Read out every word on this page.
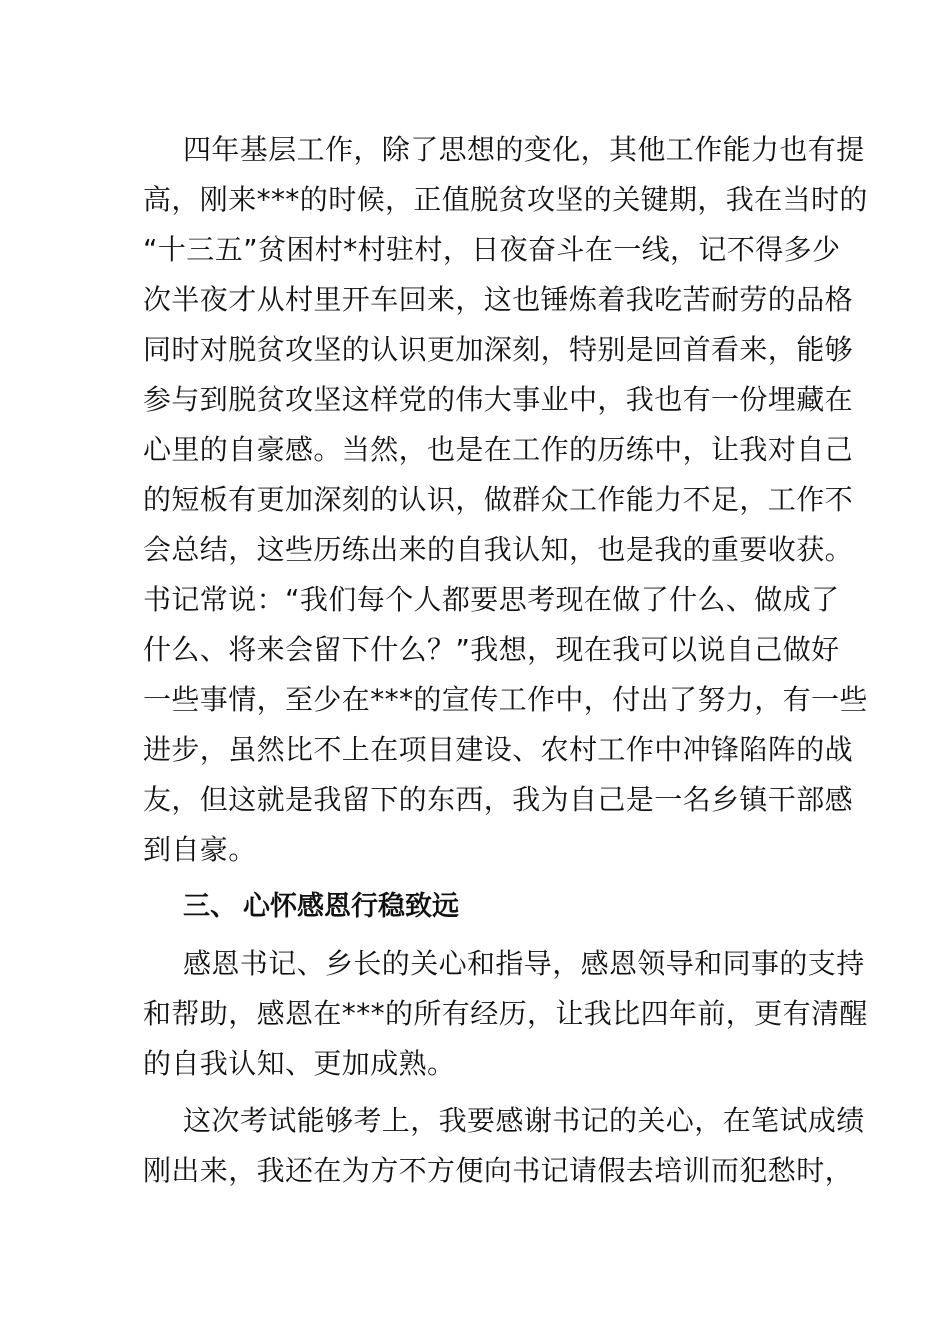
四年基层工作，除了思想的变化，其他工作能力也有提
高，刚来***的时候，正值脱贫攻坚的关键期，我在当时的
“十三五”贫困村*村驻村，日夜奋斗在一线，记不得多少
次半夜才从村里开车回来，这也锤炼着我吃苦耐劳的品格
同时对脱贫攻坚的认识更加深刻，特别是回首看来，能够
参与到脱贫攻坚这样党的伟大事业中，我也有一份埋藏在
心里的自豪感。当然，也是在工作的历练中，让我对自己
的短板有更加深刻的认识，做群众工作能力不足，工作不
会总结，这些历练出来的自我认知，也是我的重要收获。
书记常说：“我们每个人都要思考现在做了什么、做成了
什么、将来会留下什么？”我想，现在我可以说自己做好
一些事情，至少在***的宣传工作中，付出了努力，有一些
进步，虽然比不上在项目建设、农村工作中冲锋陷阵的战
友，但这就是我留下的东西，我为自己是一名乡镇干部感
到自豪。
三、 心怀感恩行稳致远
感恩书记、乡长的关心和指导，感恩领导和同事的支持
和帮助，感恩在***的所有经历，让我比四年前，更有清醒
的自我认知、更加成熟。
这次考试能够考上，我要感谢书记的关心，在笔试成绩
刚出来，我还在为方不方便向书记请假去培训而犯愁时，
